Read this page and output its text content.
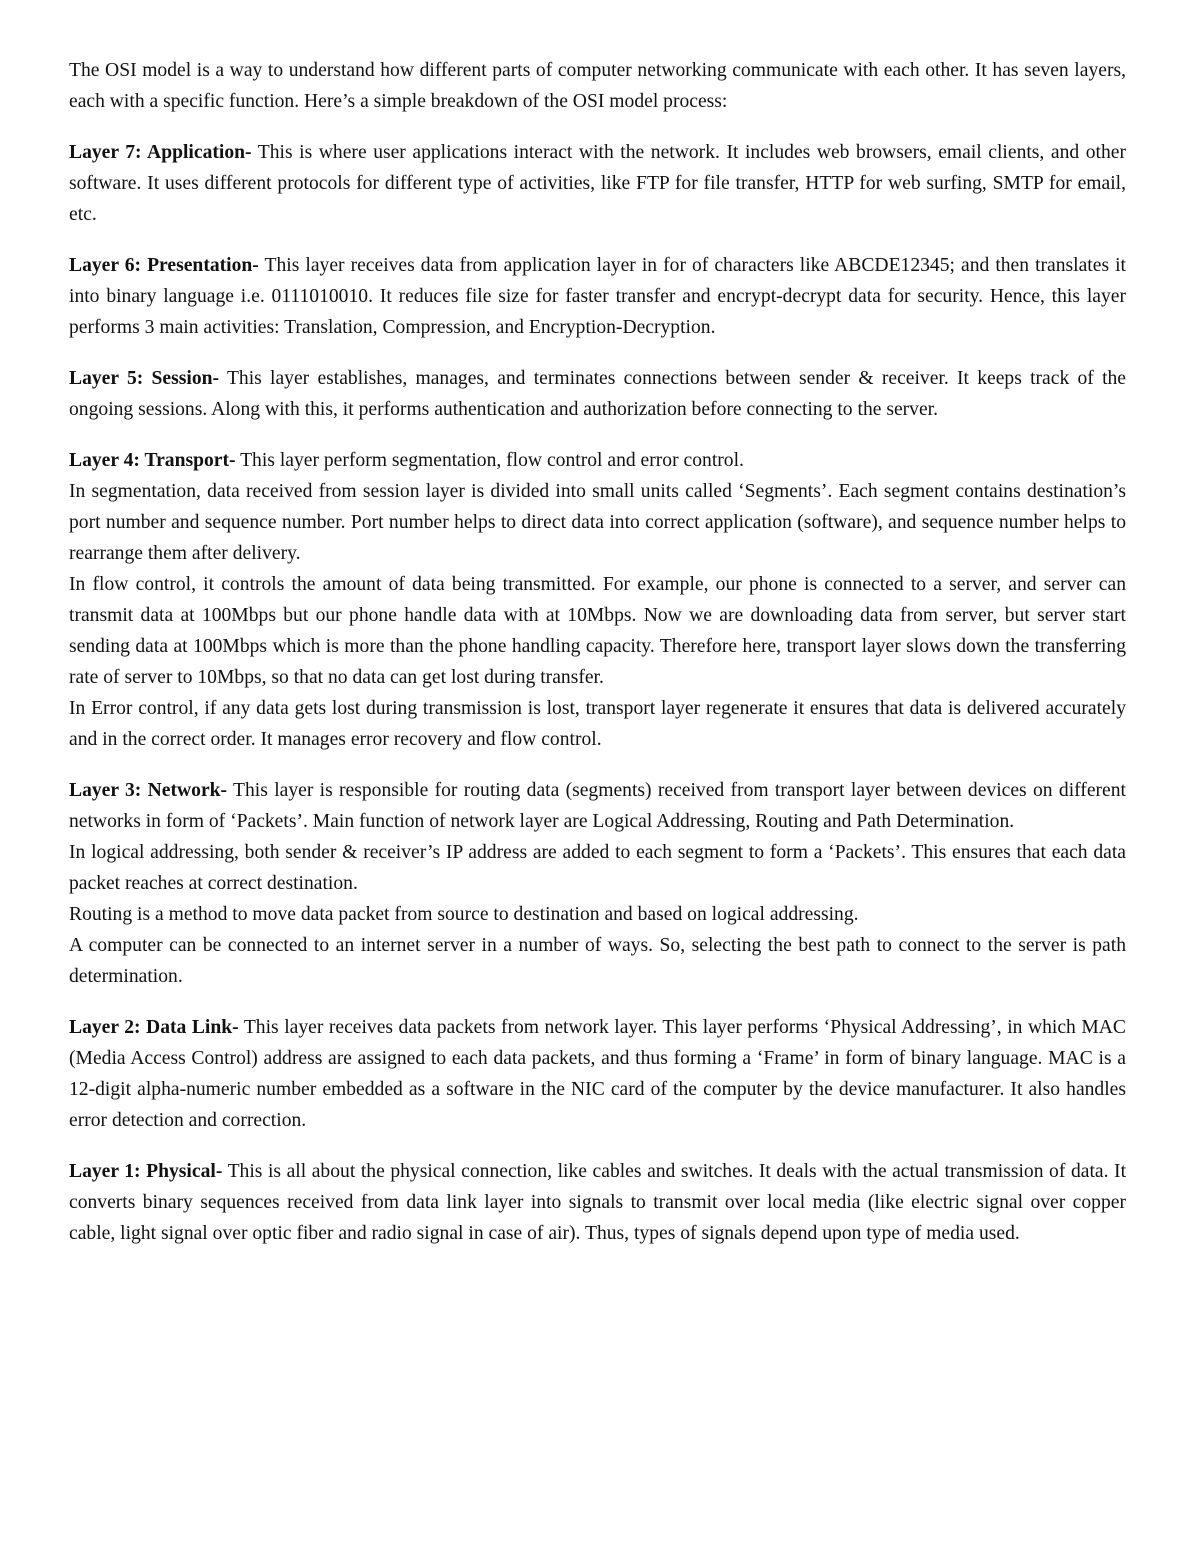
The OSI model is a way to understand how different parts of computer networking communicate with each other. It has seven layers, each with a specific function. Here’s a simple breakdown of the OSI model process:

Layer 7: Application- This is where user applications interact with the network. It includes web browsers, email clients, and other software. It uses different protocols for different type of activities, like FTP for file transfer, HTTP for web surfing, SMTP for email, etc.
Layer 6: Presentation- This layer receives data from application layer in for of characters like ABCDE12345; and then translates it into binary language i.e. 0111010010. It reduces file size for faster transfer and encrypt-decrypt data for security. Hence, this layer performs 3 main activities: Translation, Compression, and Encryption-Decryption.
Layer 5: Session- This layer establishes, manages, and terminates connections between sender & receiver. It keeps track of the ongoing sessions. Along with this, it performs authentication and authorization before connecting to the server.

Layer 4: Transport- This layer perform segmentation, flow control and error control.

In segmentation, data received from session layer is divided into small units called ‘Segments’. Each segment contains destination’s port number and sequence number. Port number helps to direct data into correct application (software), and sequence number helps to rearrange them after delivery.

In flow control, it controls the amount of data being transmitted. For example, our phone is connected to a server, and server can transmit data at 100Mbps but our phone handle data with at 10Mbps. Now we are downloading data from server, but server start sending data at 100Mbps which is more than the phone handling capacity. Therefore here, transport layer slows down the transferring rate of server to 10Mbps, so that no data can get lost during transfer.

In Error control, if any data gets lost during transmission is lost, transport layer regenerate it ensures that data is delivered accurately and in the correct order. It manages error recovery and flow control.

Layer 3: Network- This layer is responsible for routing data (segments) received from transport layer between devices on different networks in form of ‘Packets’. Main function of network layer are Logical Addressing, Routing and Path Determination.

In logical addressing, both sender & receiver’s IP address are added to each segment to form a ‘Packets’. This ensures that each data packet reaches at correct destination.

Routing is a method to move data packet from source to destination and based on logical addressing.

A computer can be connected to an internet server in a number of ways. So, selecting the best path to connect to the server is path determination.

Layer 2: Data Link- This layer receives data packets from network layer. This layer performs ‘Physical Addressing’, in which MAC (Media Access Control) address are assigned to each data packets, and thus forming a ‘Frame’ in form of binary language. MAC is a 12-digit alpha-numeric number embedded as a software in the NIC card of the computer by the device manufacturer. It also handles error detection and correction.
Layer 1: Physical- This is all about the physical connection, like cables and switches. It deals with the actual transmission of data. It converts binary sequences received from data link layer into signals to transmit over local media (like electric signal over copper cable, light signal over optic fiber and radio signal in case of air). Thus, types of signals depend upon type of media used.
